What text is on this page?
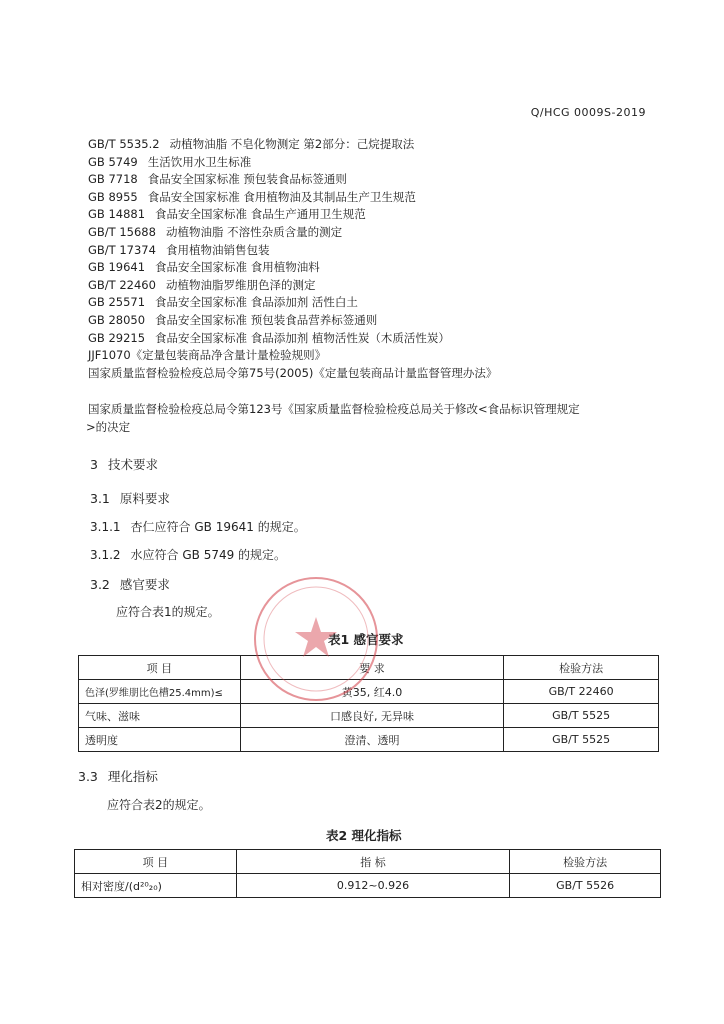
Q/HCG 0009S-2019
GB/T 5535.2 动植物油脂 不皂化物测定 第2部分：己烷提取法
GB 5749 生活饮用水卫生标准
GB 7718 食品安全国家标准 预包装食品标签通则
GB 8955 食品安全国家标准 食用植物油及其制品生产卫生规范
GB 14881 食品安全国家标准 食品生产通用卫生规范
GB/T 15688 动植物油脂 不溶性杂质含量的测定
GB/T 17374 食用植物油销售包装
GB 19641 食品安全国家标准 食用植物油料
GB/T 22460 动植物油脂罗维朋色泽的测定
GB 25571 食品安全国家标准 食品添加剂 活性白土
GB 28050 食品安全国家标准 预包装食品营养标签通则
GB 29215 食品安全国家标准 食品添加剂 植物活性炭（木质活性炭）
JJF1070《定量包装商品净含量计量检验规则》
国家质量监督检验检疫总局令第75号(2005)《定量包装商品计量监督管理办法》
国家质量监督检验检疫总局令第123号《国家质量监督检验检疫总局关于修改<食品标识管理规定
>的决定
3 技术要求
3.1 原料要求
3.1.1 杏仁应符合 GB 19641 的规定。
3.1.2 水应符合 GB 5749 的规定。
3.2 感官要求
应符合表1的规定。
表1 感官要求
项 目	要 求	检验方法
色泽(罗维朋比色槽25.4mm)≤	黄35, 红4.0	GB/T 22460
气味、滋味	口感良好, 无异味	GB/T 5525
透明度	澄清、透明	GB/T 5525
3.3 理化指标
应符合表2的规定。
表2 理化指标
项 目	指 标	检验方法
相对密度/(d²⁰₂₀)	0.912~0.926	GB/T 5526
